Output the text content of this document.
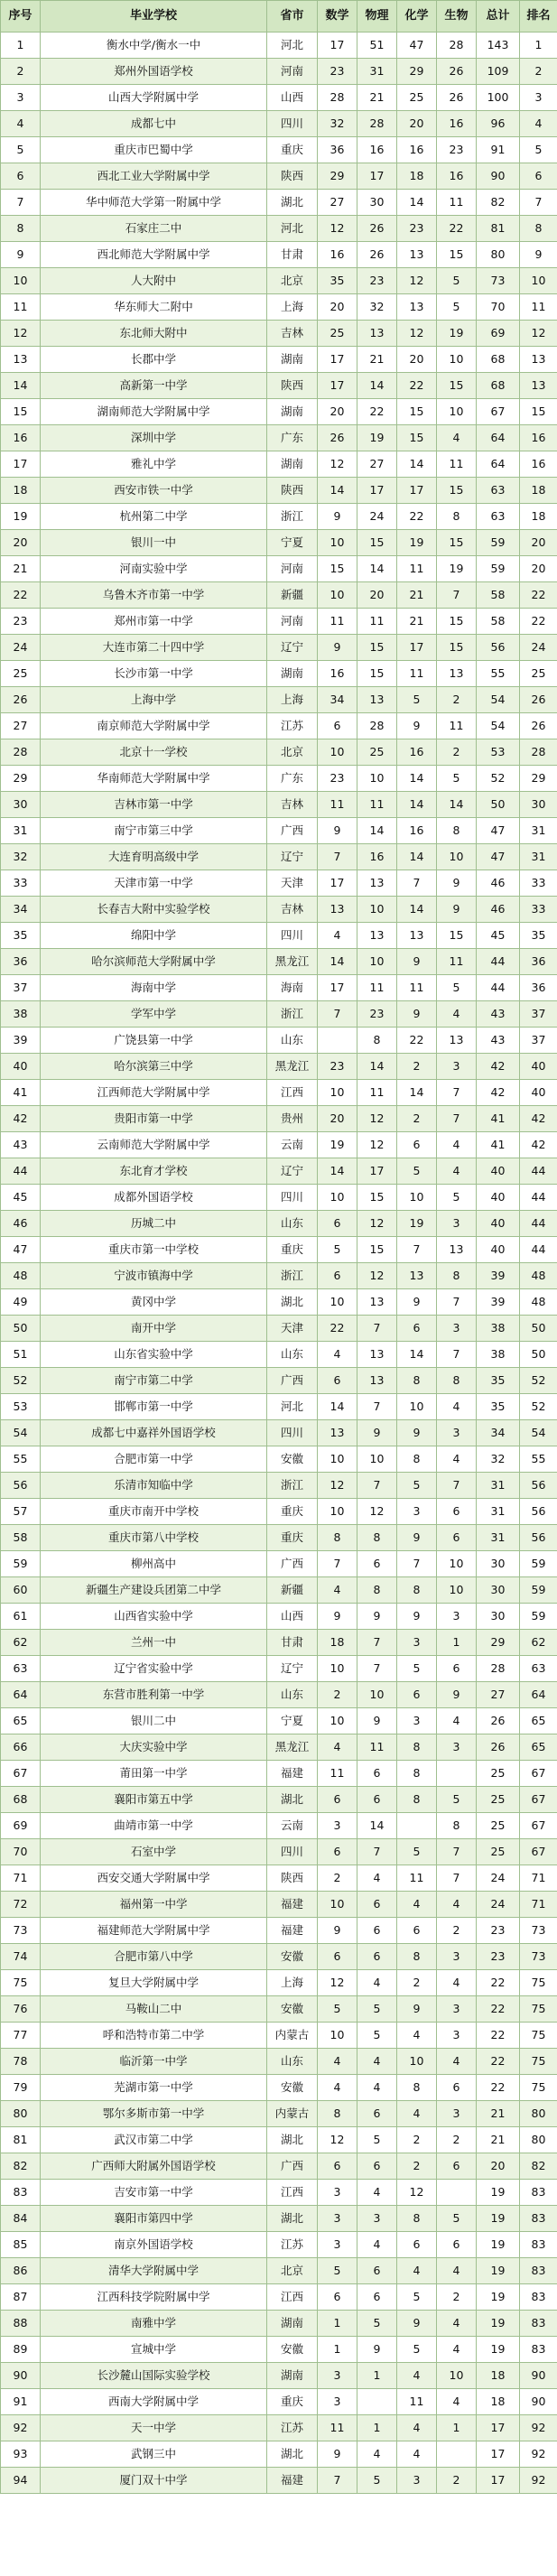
序号	毕业学校	省市	数学	物理	化学	生物	总计	排名
1	衡水中学/衡水一中	河北	17	51	47	28	143	1
2	郑州外国语学校	河南	23	31	29	26	109	2
3	山西大学附属中学	山西	28	21	25	26	100	3
4	成都七中	四川	32	28	20	16	96	4
5	重庆市巴蜀中学	重庆	36	16	16	23	91	5
6	西北工业大学附属中学	陕西	29	17	18	16	90	6
7	华中师范大学第一附属中学	湖北	27	30	14	11	82	7
8	石家庄二中	河北	12	26	23	22	81	8
9	西北师范大学附属中学	甘肃	16	26	13	15	80	9
10	人大附中	北京	35	23	12	5	73	10
11	华东师大二附中	上海	20	32	13	5	70	11
12	东北师大附中	吉林	25	13	12	19	69	12
13	长郡中学	湖南	17	21	20	10	68	13
14	高新第一中学	陕西	17	14	22	15	68	13
15	湖南师范大学附属中学	湖南	20	22	15	10	67	15
16	深圳中学	广东	26	19	15	4	64	16
17	雅礼中学	湖南	12	27	14	11	64	16
18	西安市铁一中学	陕西	14	17	17	15	63	18
19	杭州第二中学	浙江	9	24	22	8	63	18
20	银川一中	宁夏	10	15	19	15	59	20
21	河南实验中学	河南	15	14	11	19	59	20
22	乌鲁木齐市第一中学	新疆	10	20	21	7	58	22
23	郑州市第一中学	河南	11	11	21	15	58	22
24	大连市第二十四中学	辽宁	9	15	17	15	56	24
25	长沙市第一中学	湖南	16	15	11	13	55	25
26	上海中学	上海	34	13	5	2	54	26
27	南京师范大学附属中学	江苏	6	28	9	11	54	26
28	北京十一学校	北京	10	25	16	2	53	28
29	华南师范大学附属中学	广东	23	10	14	5	52	29
30	吉林市第一中学	吉林	11	11	14	14	50	30
31	南宁市第三中学	广西	9	14	16	8	47	31
32	大连育明高级中学	辽宁	7	16	14	10	47	31
33	天津市第一中学	天津	17	13	7	9	46	33
34	长春吉大附中实验学校	吉林	13	10	14	9	46	33
35	绵阳中学	四川	4	13	13	15	45	35
36	哈尔滨师范大学附属中学	黑龙江	14	10	9	11	44	36
37	海南中学	海南	17	11	11	5	44	36
38	学军中学	浙江	7	23	9	4	43	37
39	广饶县第一中学	山东		8	22	13	43	37
40	哈尔滨第三中学	黑龙江	23	14	2	3	42	40
41	江西师范大学附属中学	江西	10	11	14	7	42	40
42	贵阳市第一中学	贵州	20	12	2	7	41	42
43	云南师范大学附属中学	云南	19	12	6	4	41	42
44	东北育才学校	辽宁	14	17	5	4	40	44
45	成都外国语学校	四川	10	15	10	5	40	44
46	历城二中	山东	6	12	19	3	40	44
47	重庆市第一中学校	重庆	5	15	7	13	40	44
48	宁波市镇海中学	浙江	6	12	13	8	39	48
49	黄冈中学	湖北	10	13	9	7	39	48
50	南开中学	天津	22	7	6	3	38	50
51	山东省实验中学	山东	4	13	14	7	38	50
52	南宁市第二中学	广西	6	13	8	8	35	52
53	邯郸市第一中学	河北	14	7	10	4	35	52
54	成都七中嘉祥外国语学校	四川	13	9	9	3	34	54
55	合肥市第一中学	安徽	10	10	8	4	32	55
56	乐清市知临中学	浙江	12	7	5	7	31	56
57	重庆市南开中学校	重庆	10	12	3	6	31	56
58	重庆市第八中学校	重庆	8	8	9	6	31	56
59	柳州高中	广西	7	6	7	10	30	59
60	新疆生产建设兵团第二中学	新疆	4	8	8	10	30	59
61	山西省实验中学	山西	9	9	9	3	30	59
62	兰州一中	甘肃	18	7	3	1	29	62
63	辽宁省实验中学	辽宁	10	7	5	6	28	63
64	东营市胜利第一中学	山东	2	10	6	9	27	64
65	银川二中	宁夏	10	9	3	4	26	65
66	大庆实验中学	黑龙江	4	11	8	3	26	65
67	莆田第一中学	福建	11	6	8		25	67
68	襄阳市第五中学	湖北	6	6	8	5	25	67
69	曲靖市第一中学	云南	3	14		8	25	67
70	石室中学	四川	6	7	5	7	25	67
71	西安交通大学附属中学	陕西	2	4	11	7	24	71
72	福州第一中学	福建	10	6	4	4	24	71
73	福建师范大学附属中学	福建	9	6	6	2	23	73
74	合肥市第八中学	安徽	6	6	8	3	23	73
75	复旦大学附属中学	上海	12	4	2	4	22	75
76	马鞍山二中	安徽	5	5	9	3	22	75
77	呼和浩特市第二中学	内蒙古	10	5	4	3	22	75
78	临沂第一中学	山东	4	4	10	4	22	75
79	芜湖市第一中学	安徽	4	4	8	6	22	75
80	鄂尔多斯市第一中学	内蒙古	8	6	4	3	21	80
81	武汉市第二中学	湖北	12	5	2	2	21	80
82	广西师大附属外国语学校	广西	6	6	2	6	20	82
83	吉安市第一中学	江西	3	4	12		19	83
84	襄阳市第四中学	湖北	3	3	8	5	19	83
85	南京外国语学校	江苏	3	4	6	6	19	83
86	清华大学附属中学	北京	5	6	4	4	19	83
87	江西科技学院附属中学	江西	6	6	5	2	19	83
88	南雅中学	湖南	1	5	9	4	19	83
89	宣城中学	安徽	1	9	5	4	19	83
90	长沙麓山国际实验学校	湖南	3	1	4	10	18	90
91	西南大学附属中学	重庆	3		11	4	18	90
92	天一中学	江苏	11	1	4	1	17	92
93	武钢三中	湖北	9	4	4		17	92
94	厦门双十中学	福建	7	5	3	2	17	92
